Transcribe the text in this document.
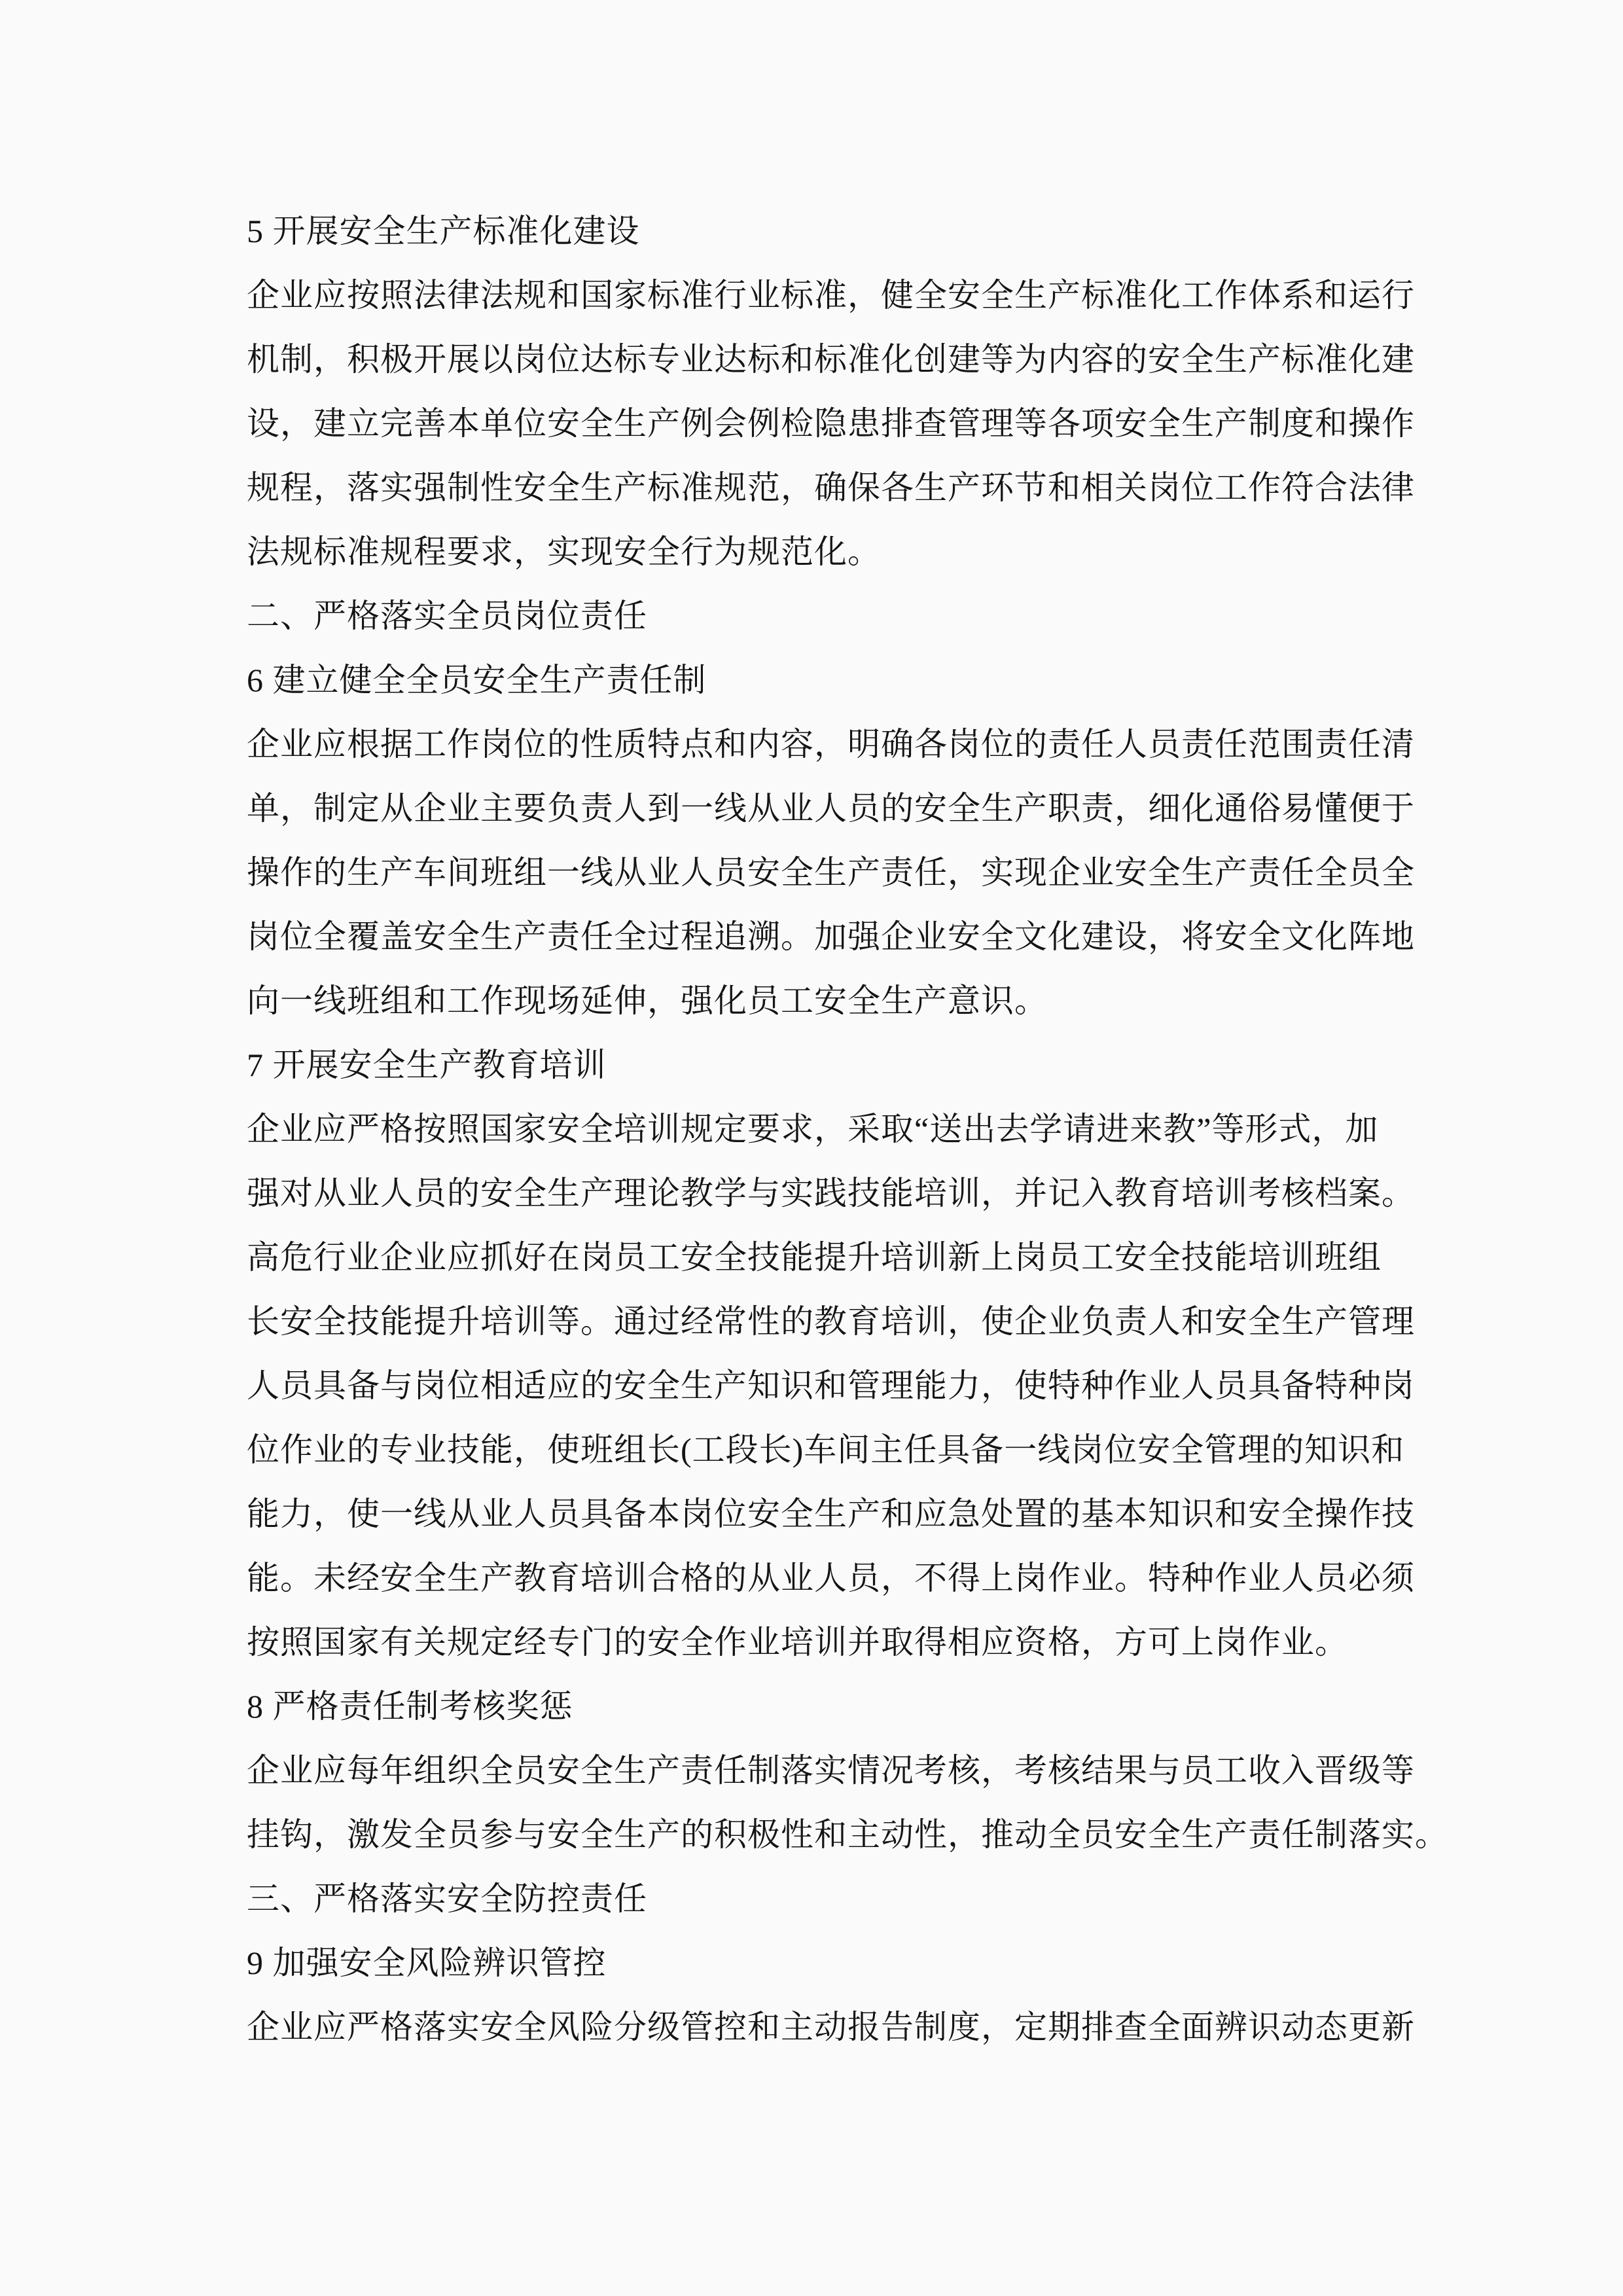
5 开展安全生产标准化建设
企业应按照法律法规和国家标准行业标准，健全安全生产标准化工作体系和运行
机制，积极开展以岗位达标专业达标和标准化创建等为内容的安全生产标准化建
设，建立完善本单位安全生产例会例检隐患排查管理等各项安全生产制度和操作
规程，落实强制性安全生产标准规范，确保各生产环节和相关岗位工作符合法律
法规标准规程要求，实现安全行为规范化。
二、严格落实全员岗位责任
6 建立健全全员安全生产责任制
企业应根据工作岗位的性质特点和内容，明确各岗位的责任人员责任范围责任清
单，制定从企业主要负责人到一线从业人员的安全生产职责，细化通俗易懂便于
操作的生产车间班组一线从业人员安全生产责任，实现企业安全生产责任全员全
岗位全覆盖安全生产责任全过程追溯。加强企业安全文化建设，将安全文化阵地
向一线班组和工作现场延伸，强化员工安全生产意识。
7 开展安全生产教育培训
企业应严格按照国家安全培训规定要求，采取“送出去学请进来教”等形式，加
强对从业人员的安全生产理论教学与实践技能培训，并记入教育培训考核档案。
高危行业企业应抓好在岗员工安全技能提升培训新上岗员工安全技能培训班组
长安全技能提升培训等。通过经常性的教育培训，使企业负责人和安全生产管理
人员具备与岗位相适应的安全生产知识和管理能力，使特种作业人员具备特种岗
位作业的专业技能，使班组长(工段长)车间主任具备一线岗位安全管理的知识和
能力，使一线从业人员具备本岗位安全生产和应急处置的基本知识和安全操作技
能。未经安全生产教育培训合格的从业人员，不得上岗作业。特种作业人员必须
按照国家有关规定经专门的安全作业培训并取得相应资格，方可上岗作业。
8 严格责任制考核奖惩
企业应每年组织全员安全生产责任制落实情况考核，考核结果与员工收入晋级等
挂钩，激发全员参与安全生产的积极性和主动性，推动全员安全生产责任制落实。
三、严格落实安全防控责任
9 加强安全风险辨识管控
企业应严格落实安全风险分级管控和主动报告制度，定期排查全面辨识动态更新
